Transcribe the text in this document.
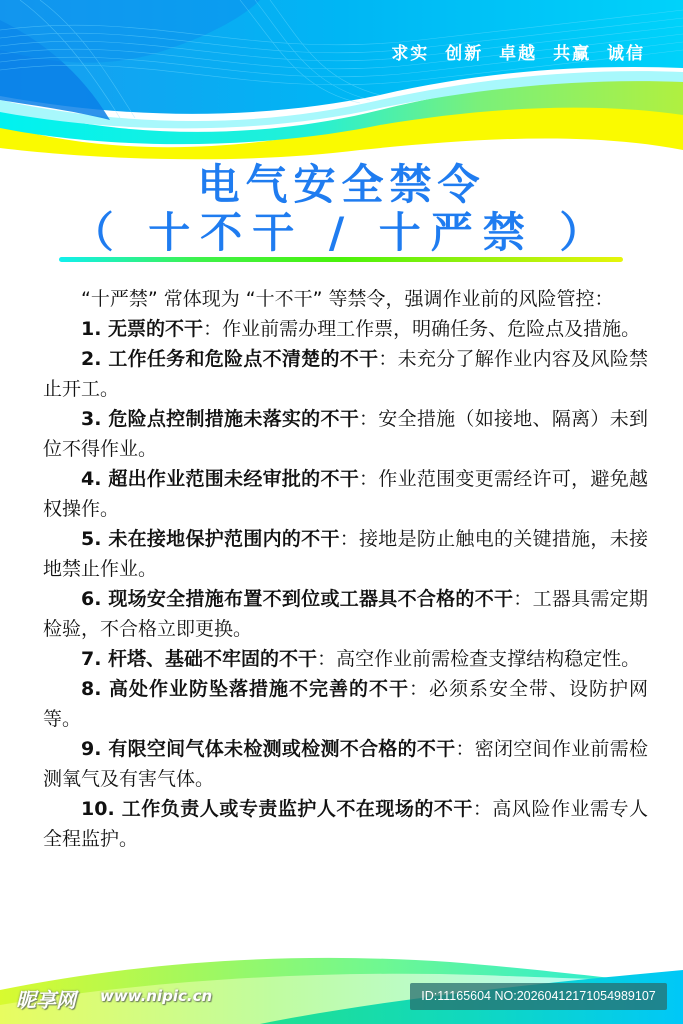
求实 创新 卓越 共赢 诚信
电气安全禁令
（ 十不干 / 十严禁 ）

“十严禁” 常体现为 “十不干” 等禁令，强调作业前的风险管控：

1. 无票的不干：作业前需办理工作票，明确任务、危险点及措施。

2. 工作任务和危险点不清楚的不干：未充分了解作业内容及风险禁止开工。

3. 危险点控制措施未落实的不干：安全措施（如接地、隔离）未到位不得作业。

4. 超出作业范围未经审批的不干：作业范围变更需经许可，避免越权操作。

5. 未在接地保护范围内的不干：接地是防止触电的关键措施，未接地禁止作业。

6. 现场安全措施布置不到位或工器具不合格的不干：工器具需定期检验，不合格立即更换。

7. 杆塔、基础不牢固的不干：高空作业前需检查支撑结构稳定性。

8. 高处作业防坠落措施不完善的不干：必须系安全带、设防护网等。

9. 有限空间气体未检测或检测不合格的不干：密闭空间作业前需检测氧气及有害气体。

10. 工作负责人或专责监护人不在现场的不干：高风险作业需专人全程监护。

昵享网 www.nipic.cn	ID:11165604 NO:20260412171054989107
